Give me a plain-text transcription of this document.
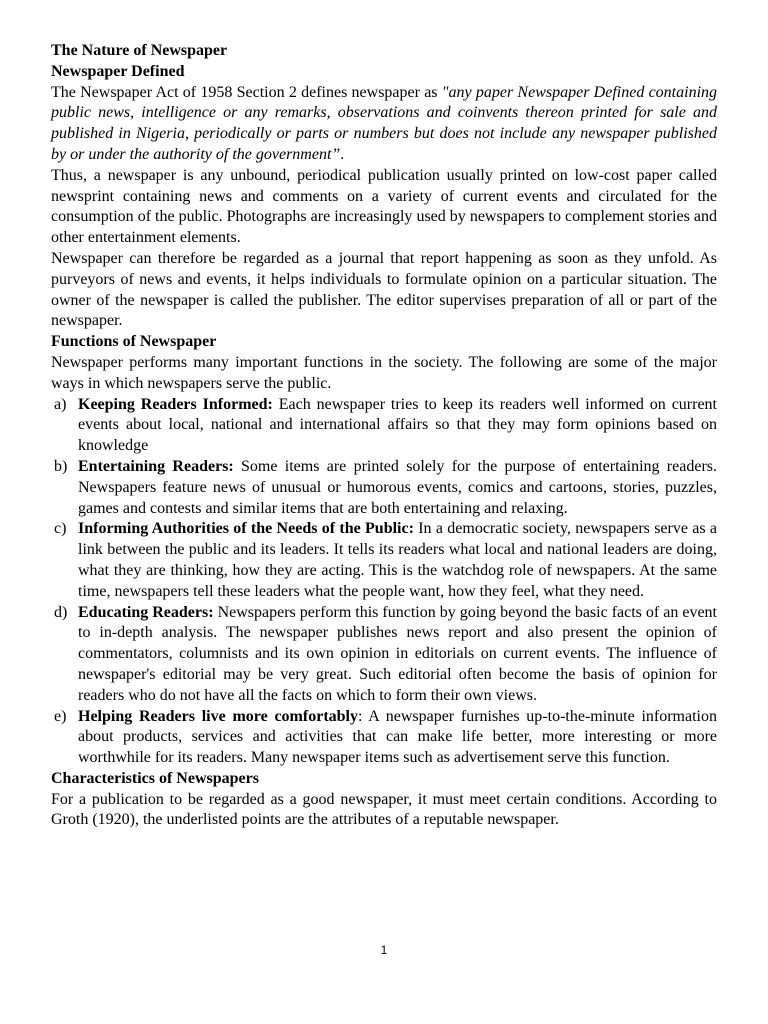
The Nature of Newspaper
Newspaper Defined

The Newspaper Act of 1958 Section 2 defines newspaper as "any paper Newspaper Defined containing public news, intelligence or any remarks, observations and coinvents thereon printed for sale and published in Nigeria, periodically or parts or numbers but does not include any newspaper published by or under the authority of the government”.

Thus, a newspaper is any unbound, periodical publication usually printed on low-cost paper called newsprint containing news and comments on a variety of current events and circulated for the consumption of the public. Photographs are increasingly used by newspapers to complement stories and other entertainment elements.

Newspaper can therefore be regarded as a journal that report happening as soon as they unfold. As purveyors of news and events, it helps individuals to formulate opinion on a particular situation. The owner of the newspaper is called the publisher. The editor supervises preparation of all or part of the newspaper.

Functions of Newspaper

Newspaper performs many important functions in the society. The following are some of the major ways in which newspapers serve the public.

a) Keeping Readers Informed: Each newspaper tries to keep its readers well informed on current events about local, national and international affairs so that they may form opinions based on knowledge
b) Entertaining Readers: Some items are printed solely for the purpose of entertaining readers. Newspapers feature news of unusual or humorous events, comics and cartoons, stories, puzzles, games and contests and similar items that are both entertaining and relaxing.
c) Informing Authorities of the Needs of the Public: In a democratic society, newspapers serve as a link between the public and its leaders. It tells its readers what local and national leaders are doing, what they are thinking, how they are acting. This is the watchdog role of newspapers. At the same time, newspapers tell these leaders what the people want, how they feel, what they need.
d) Educating Readers: Newspapers perform this function by going beyond the basic facts of an event to in-depth analysis. The newspaper publishes news report and also present the opinion of commentators, columnists and its own opinion in editorials on current events. The influence of newspaper's editorial may be very great. Such editorial often become the basis of opinion for readers who do not have all the facts on which to form their own views.
e) Helping Readers live more comfortably: A newspaper furnishes up-to-the-minute information about products, services and activities that can make life better, more interesting or more worthwhile for its readers. Many newspaper items such as advertisement serve this function.
Characteristics of Newspapers

For a publication to be regarded as a good newspaper, it must meet certain conditions. According to Groth (1920), the underlisted points are the attributes of a reputable newspaper.

1
